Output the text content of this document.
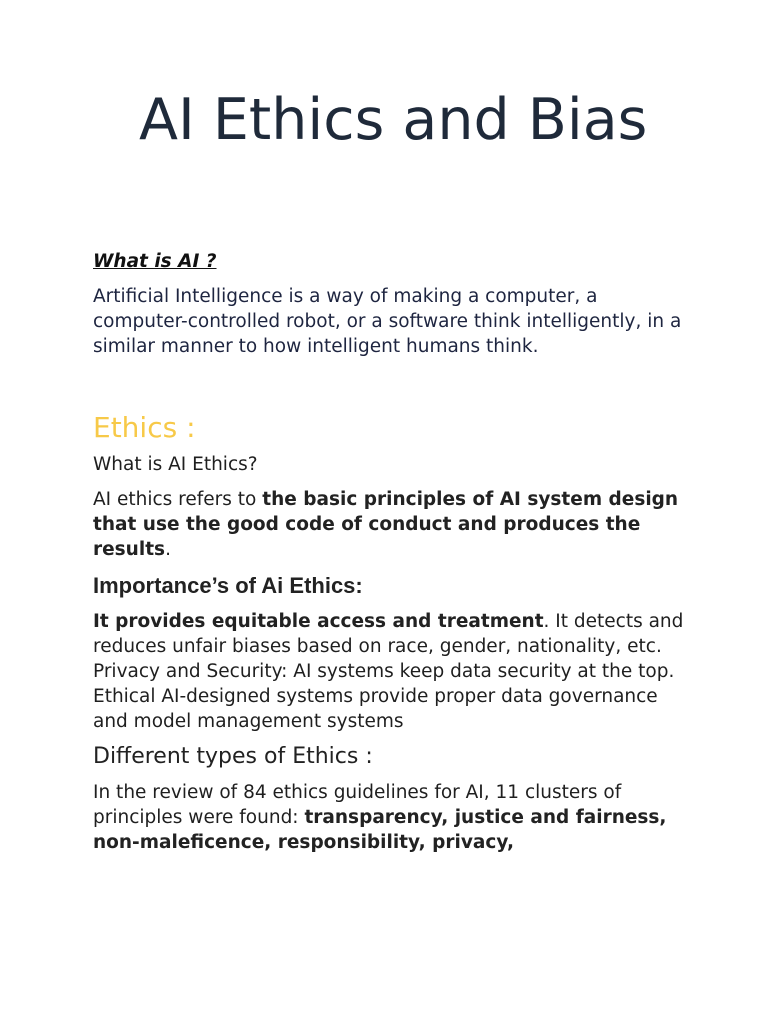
AI Ethics and Bias

What is AI ?

Artificial Intelligence is a way of making a computer, a computer-controlled robot, or a software think intelligently, in a similar manner to how intelligent humans think.

Ethics :

What is AI Ethics?

AI ethics refers to the basic principles of AI system design that use the good code of conduct and produces the results.

Importance’s of Ai Ethics:

It provides equitable access and treatment. It detects and reduces unfair biases based on race, gender, nationality, etc. Privacy and Security: AI systems keep data security at the top. Ethical AI-designed systems provide proper data governance and model management systems

Different types of Ethics :

In the review of 84 ethics guidelines for AI, 11 clusters of principles were found: transparency, justice and fairness, non-maleficence, responsibility, privacy,
